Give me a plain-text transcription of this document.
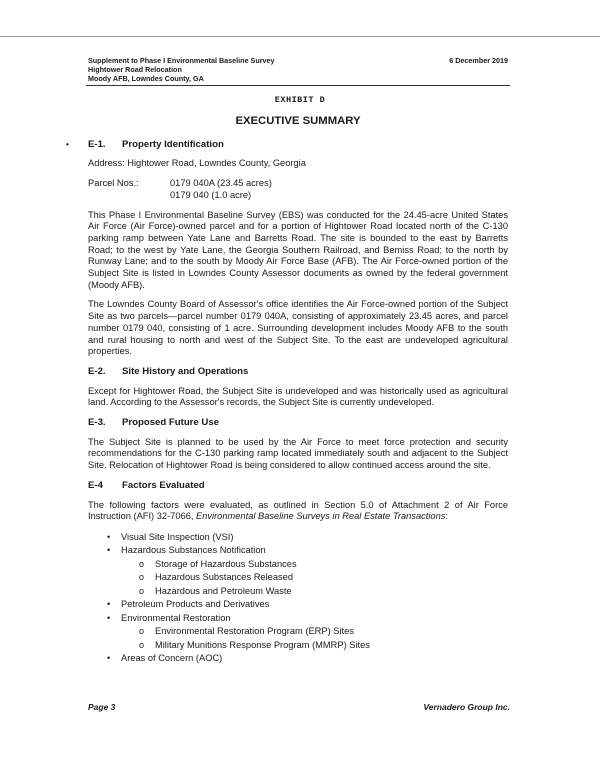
Supplement to Phase I Environmental Baseline Survey
Hightower Road Relocation
Moody AFB, Lowndes County, GA
6 December 2019
EXHIBIT D
EXECUTIVE SUMMARY
• E-1. Property Identification

Address: Hightower Road, Lowndes County, Georgia

Parcel Nos.:	0179 040A (23.45 acres)
0179 040 (1.0 acre)

This Phase I Environmental Baseline Survey (EBS) was conducted for the 24.45-acre United States Air Force (Air Force)-owned parcel and for a portion of Hightower Road located north of the C-130 parking ramp between Yate Lane and Barretts Road. The site is bounded to the east by Barretts Road; to the west by Yate Lane, the Georgia Southern Railroad, and Bemiss Road; to the north by Runway Lane; and to the south by Moody Air Force Base (AFB). The Air Force-owned portion of the Subject Site is listed in Lowndes County Assessor documents as owned by the federal government (Moody AFB).

The Lowndes County Board of Assessor's office identifies the Air Force-owned portion of the Subject Site as two parcels—parcel number 0179 040A, consisting of approximately 23.45 acres, and parcel number 0179 040, consisting of 1 acre. Surrounding development includes Moody AFB to the south and rural housing to north and west of the Subject Site. To the east are undeveloped agricultural properties.

E-2. Site History and Operations

Except for Hightower Road, the Subject Site is undeveloped and was historically used as agricultural land. According to the Assessor's records, the Subject Site is currently undeveloped.

E-3. Proposed Future Use

The Subject Site is planned to be used by the Air Force to meet force protection and security recommendations for the C-130 parking ramp located immediately south and adjacent to the Subject Site. Relocation of Hightower Road is being considered to allow continued access around the site.

E-4 Factors Evaluated

The following factors were evaluated, as outlined in Section 5.0 of Attachment 2 of Air Force Instruction (AFI) 32-7066, Environmental Baseline Surveys in Real Estate Transactions:

• Visual Site Inspection (VSI)
• Hazardous Substances Notification
o Storage of Hazardous Substances
o Hazardous Substances Released
o Hazardous and Petroleum Waste
• Petroleum Products and Derivatives
• Environmental Restoration
o Environmental Restoration Program (ERP) Sites
o Military Munitions Response Program (MMRP) Sites
• Areas of Concern (AOC)
Page 3	Vernadero Group Inc.
